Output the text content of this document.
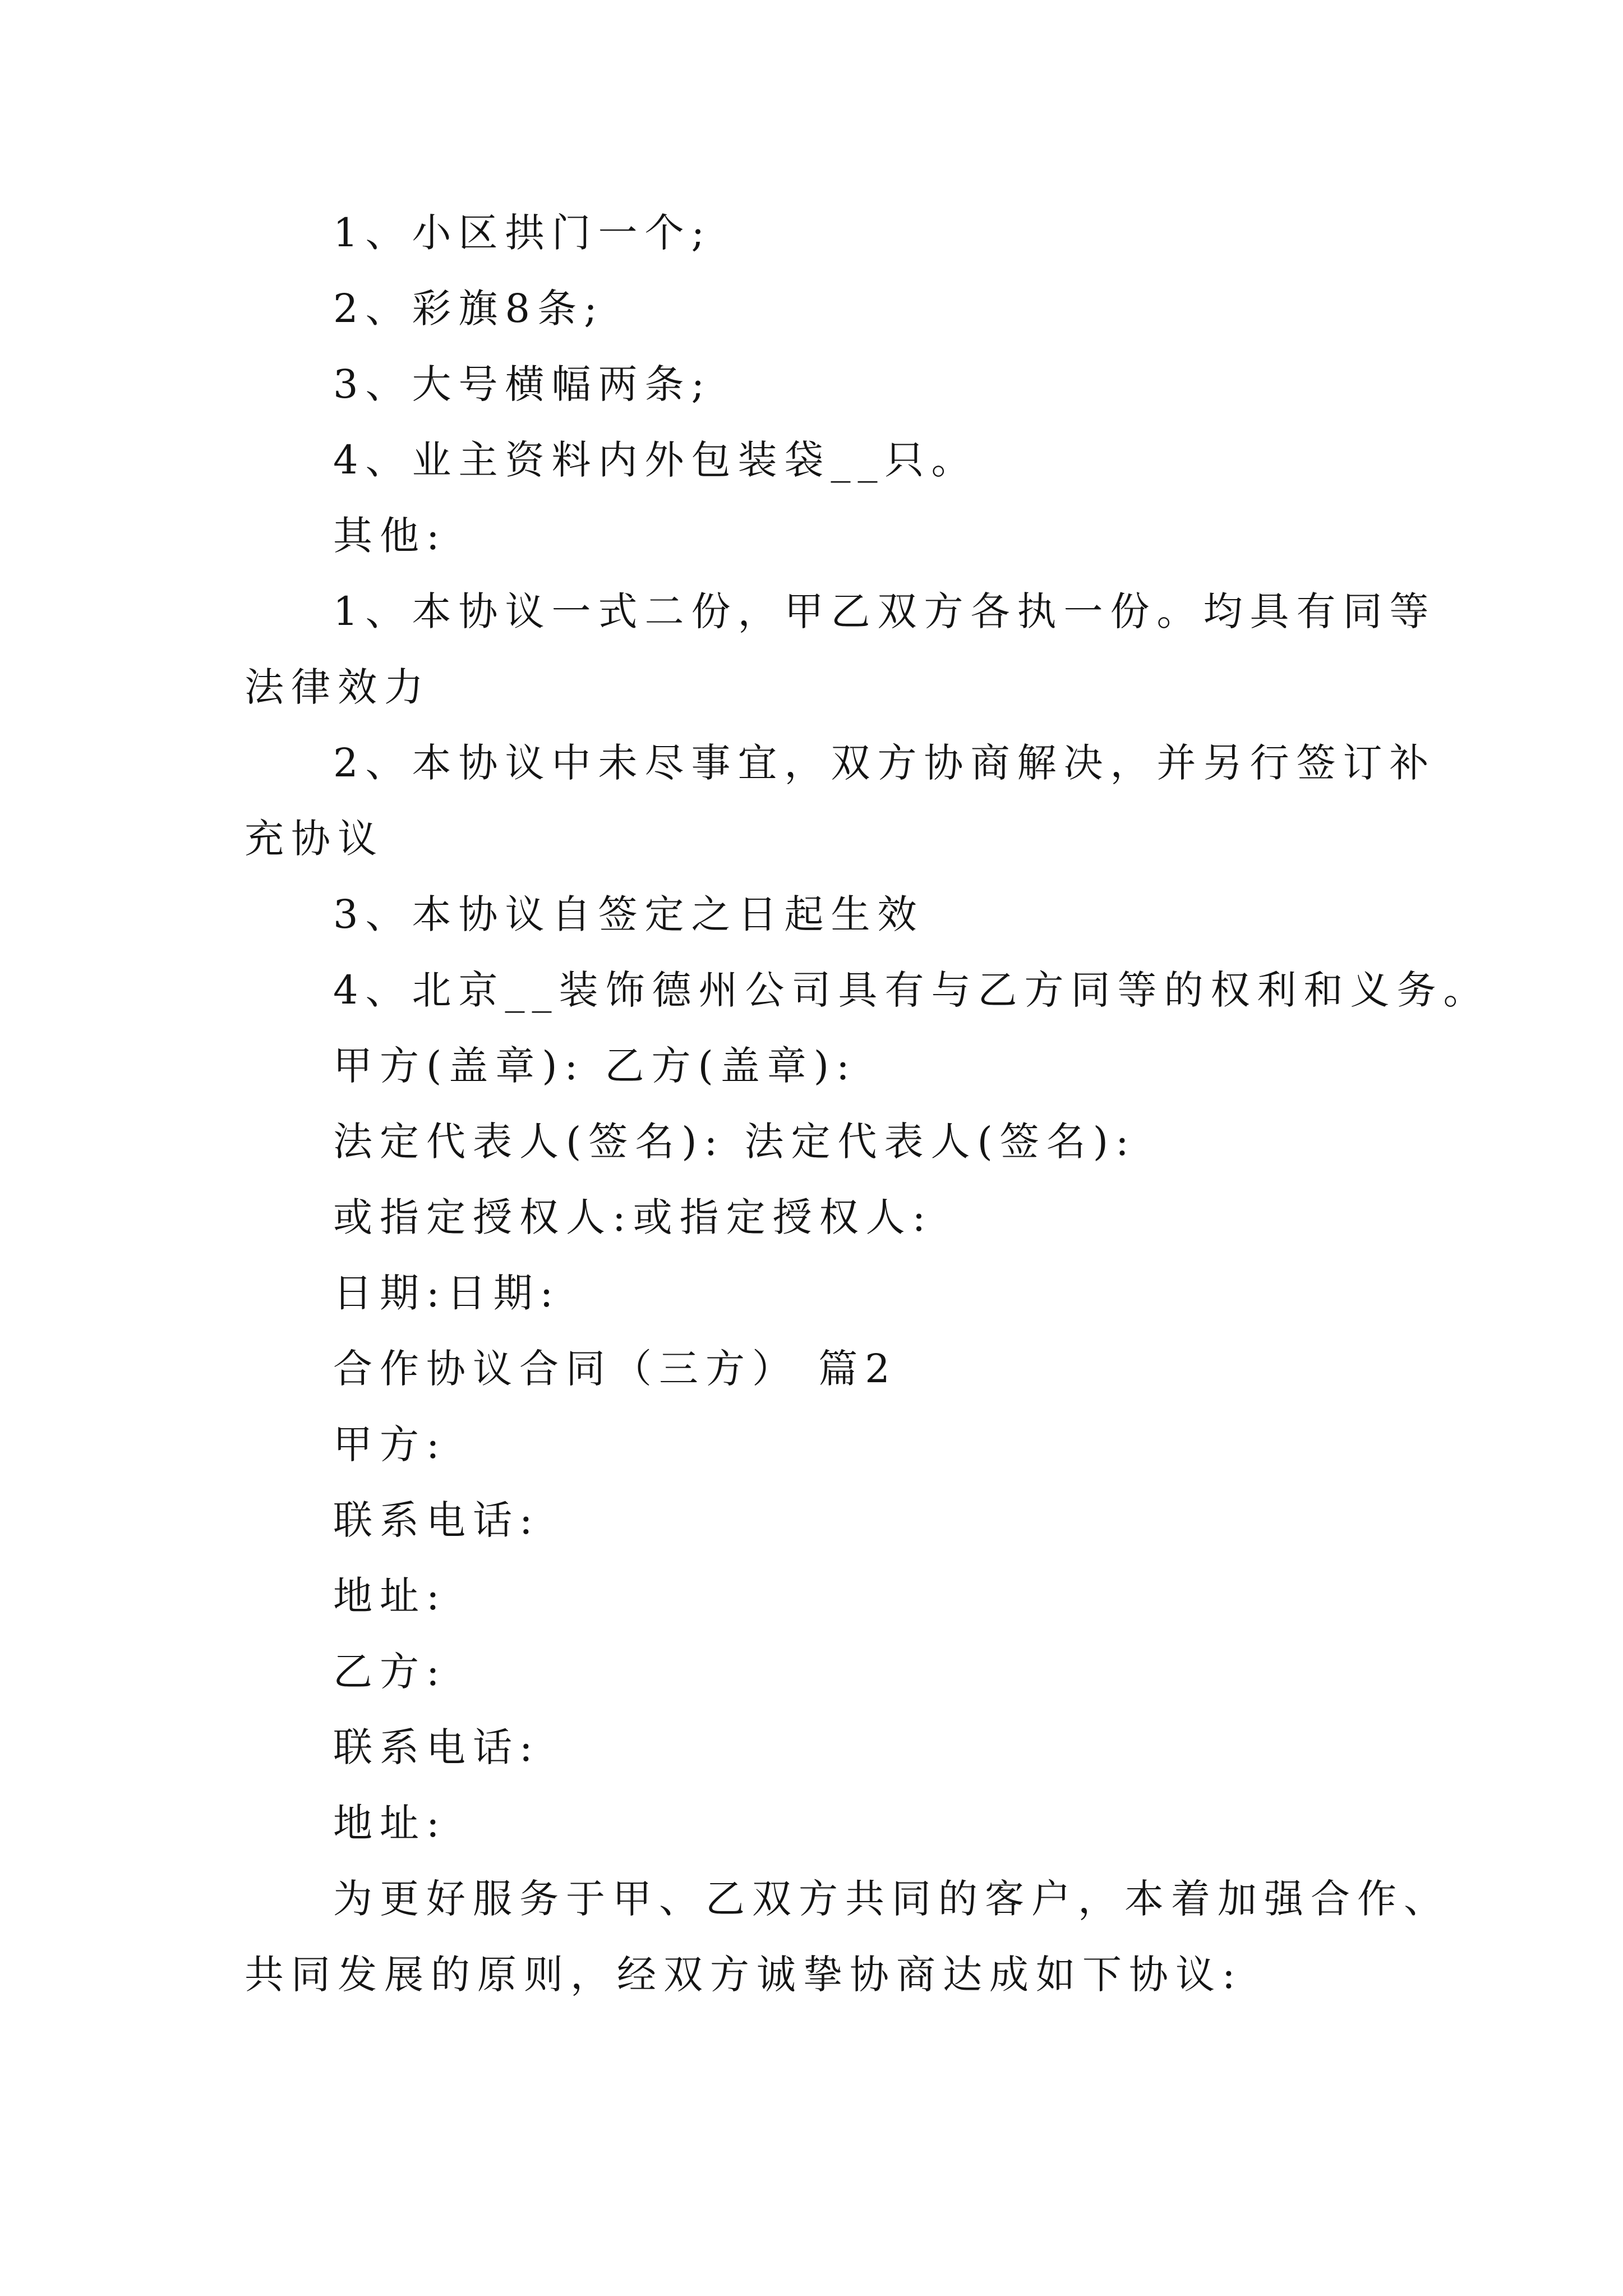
1、小区拱门一个;
2、彩旗8条;
3、大号横幅两条;
4、业主资料内外包装袋__只。
其他:
1、本协议一式二份，甲乙双方各执一份。均具有同等
法律效力
2、本协议中未尽事宜，双方协商解决，并另行签订补
充协议
3、本协议自签定之日起生效
4、北京__装饰德州公司具有与乙方同等的权利和义务。
甲方(盖章): 乙方(盖章):
法定代表人(签名): 法定代表人(签名):
或指定授权人:或指定授权人:
日期:日期:
合作协议合同（三方） 篇2
甲方:
联系电话:
地址:
乙方:
联系电话:
地址:
为更好服务于甲、乙双方共同的客户，本着加强合作、
共同发展的原则，经双方诚挚协商达成如下协议:
